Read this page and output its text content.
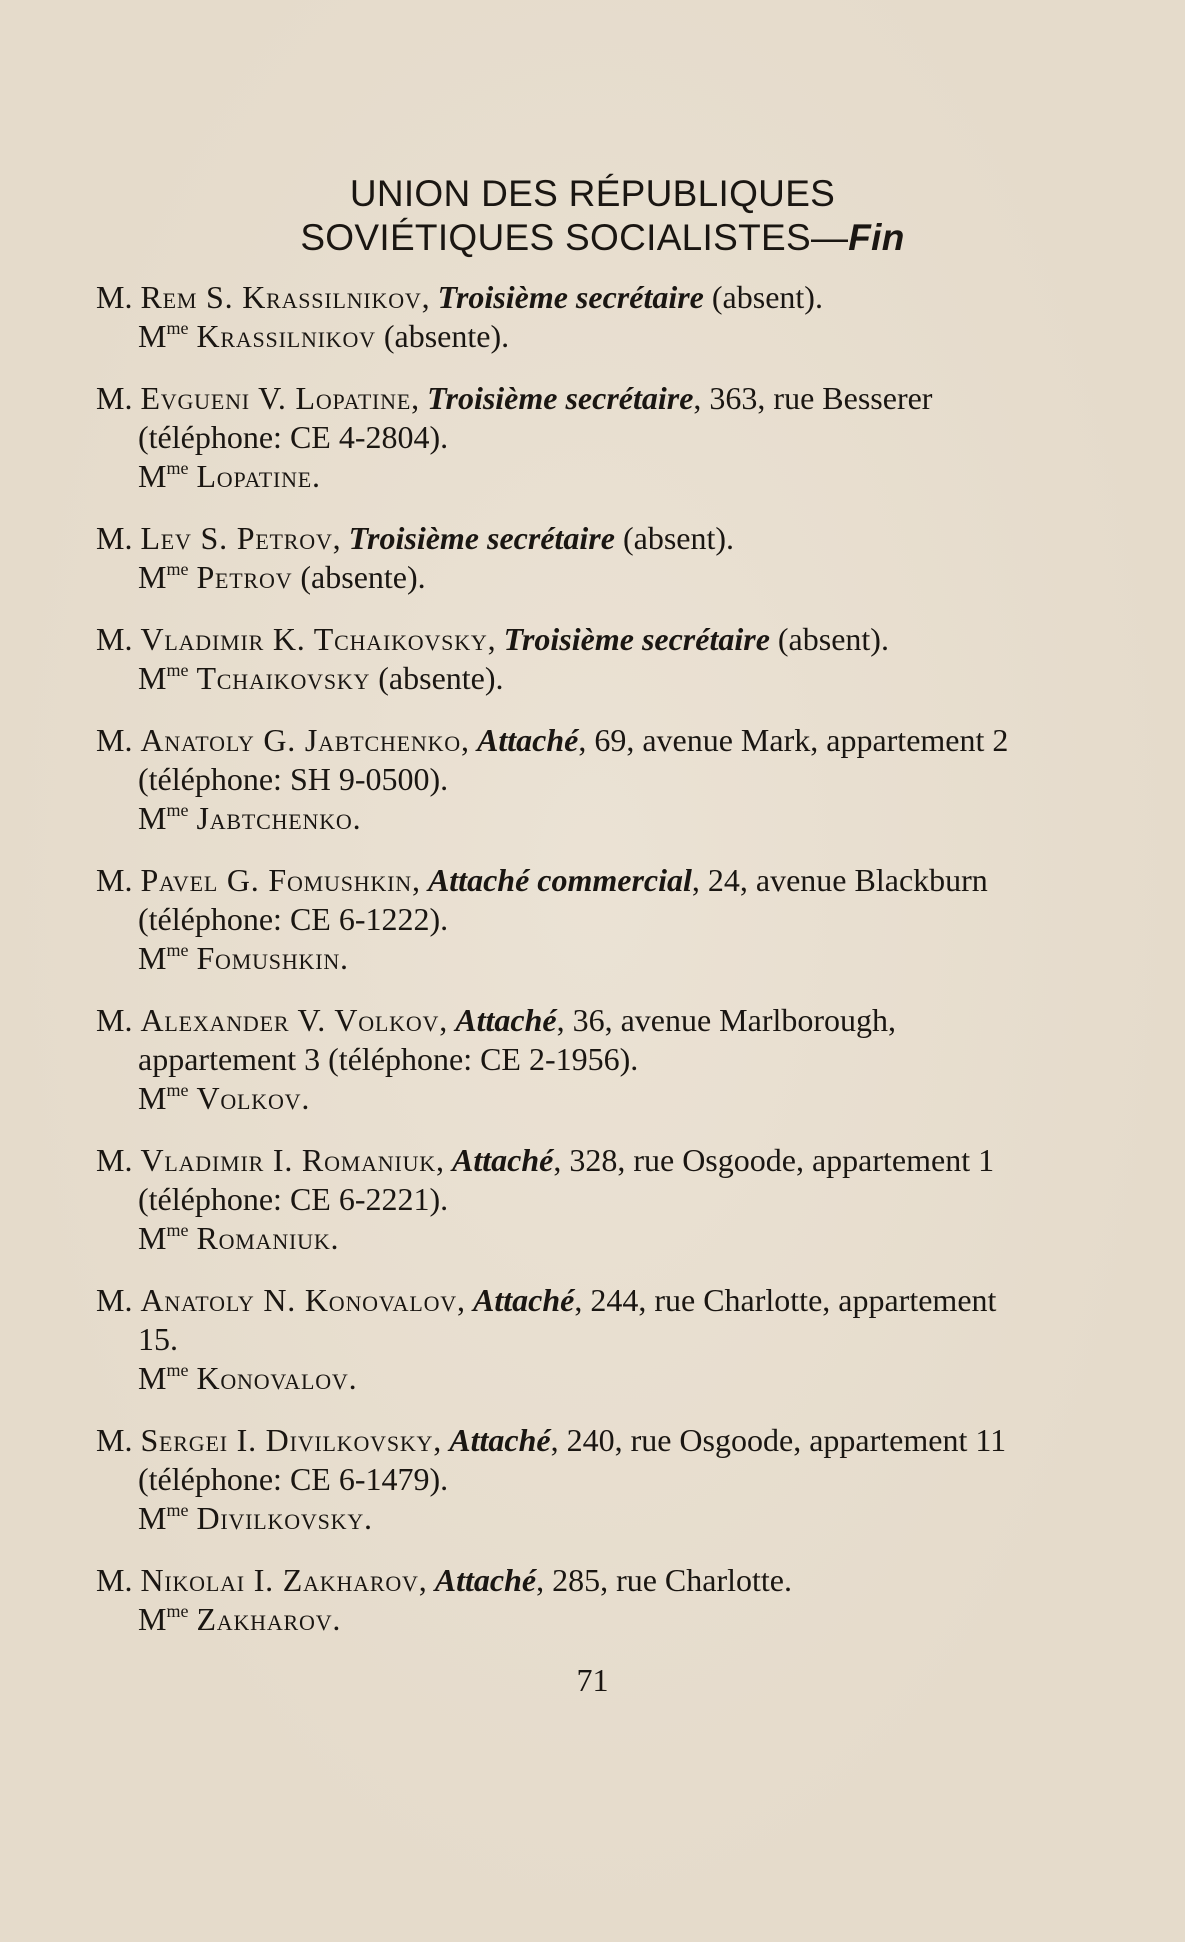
UNION DES RÉPUBLIQUES
SOVIÉTIQUES SOCIALISTES—Fin
M. Rem S. Krassilnikov, Troisième secrétaire (absent).
$M^{me}$ Krassilnikov (absente).
M. Evgueni V. Lopatine, Troisième secrétaire, 363, rue Besserer (téléphone: CE 4-2804).
$M^{me}$ Lopatine.
M. Lev S. Petrov, Troisième secrétaire (absent).
$M^{me}$ Petrov (absente).
M. Vladimir K. Tchaikovsky, Troisième secrétaire (absent).
$M^{me}$ Tchaikovsky (absente).
M. Anatoly G. Jabtchenko, Attaché, 69, avenue Mark, appartement 2 (téléphone: SH 9-0500).
$M^{me}$ Jabtchenko.
M. Pavel G. Fomushkin, Attaché commercial, 24, avenue Blackburn (téléphone: CE 6-1222).
$M^{me}$ Fomushkin.
M. Alexander V. Volkov, Attaché, 36, avenue Marlborough, appartement 3 (téléphone: CE 2-1956).
$M^{me}$ Volkov.
M. Vladimir I. Romaniuk, Attaché, 328, rue Osgoode, appartement 1 (téléphone: CE 6-2221).
$M^{me}$ Romaniuk.
M. Anatoly N. Konovalov, Attaché, 244, rue Charlotte, appartement 15.
$M^{me}$ Konovalov.
M. Sergei I. Divilkovsky, Attaché, 240, rue Osgoode, appartement 11 (téléphone: CE 6-1479).
$M^{me}$ Divilkovsky.
M. Nikolai I. Zakharov, Attaché, 285, rue Charlotte.
$M^{me}$ Zakharov.
71
